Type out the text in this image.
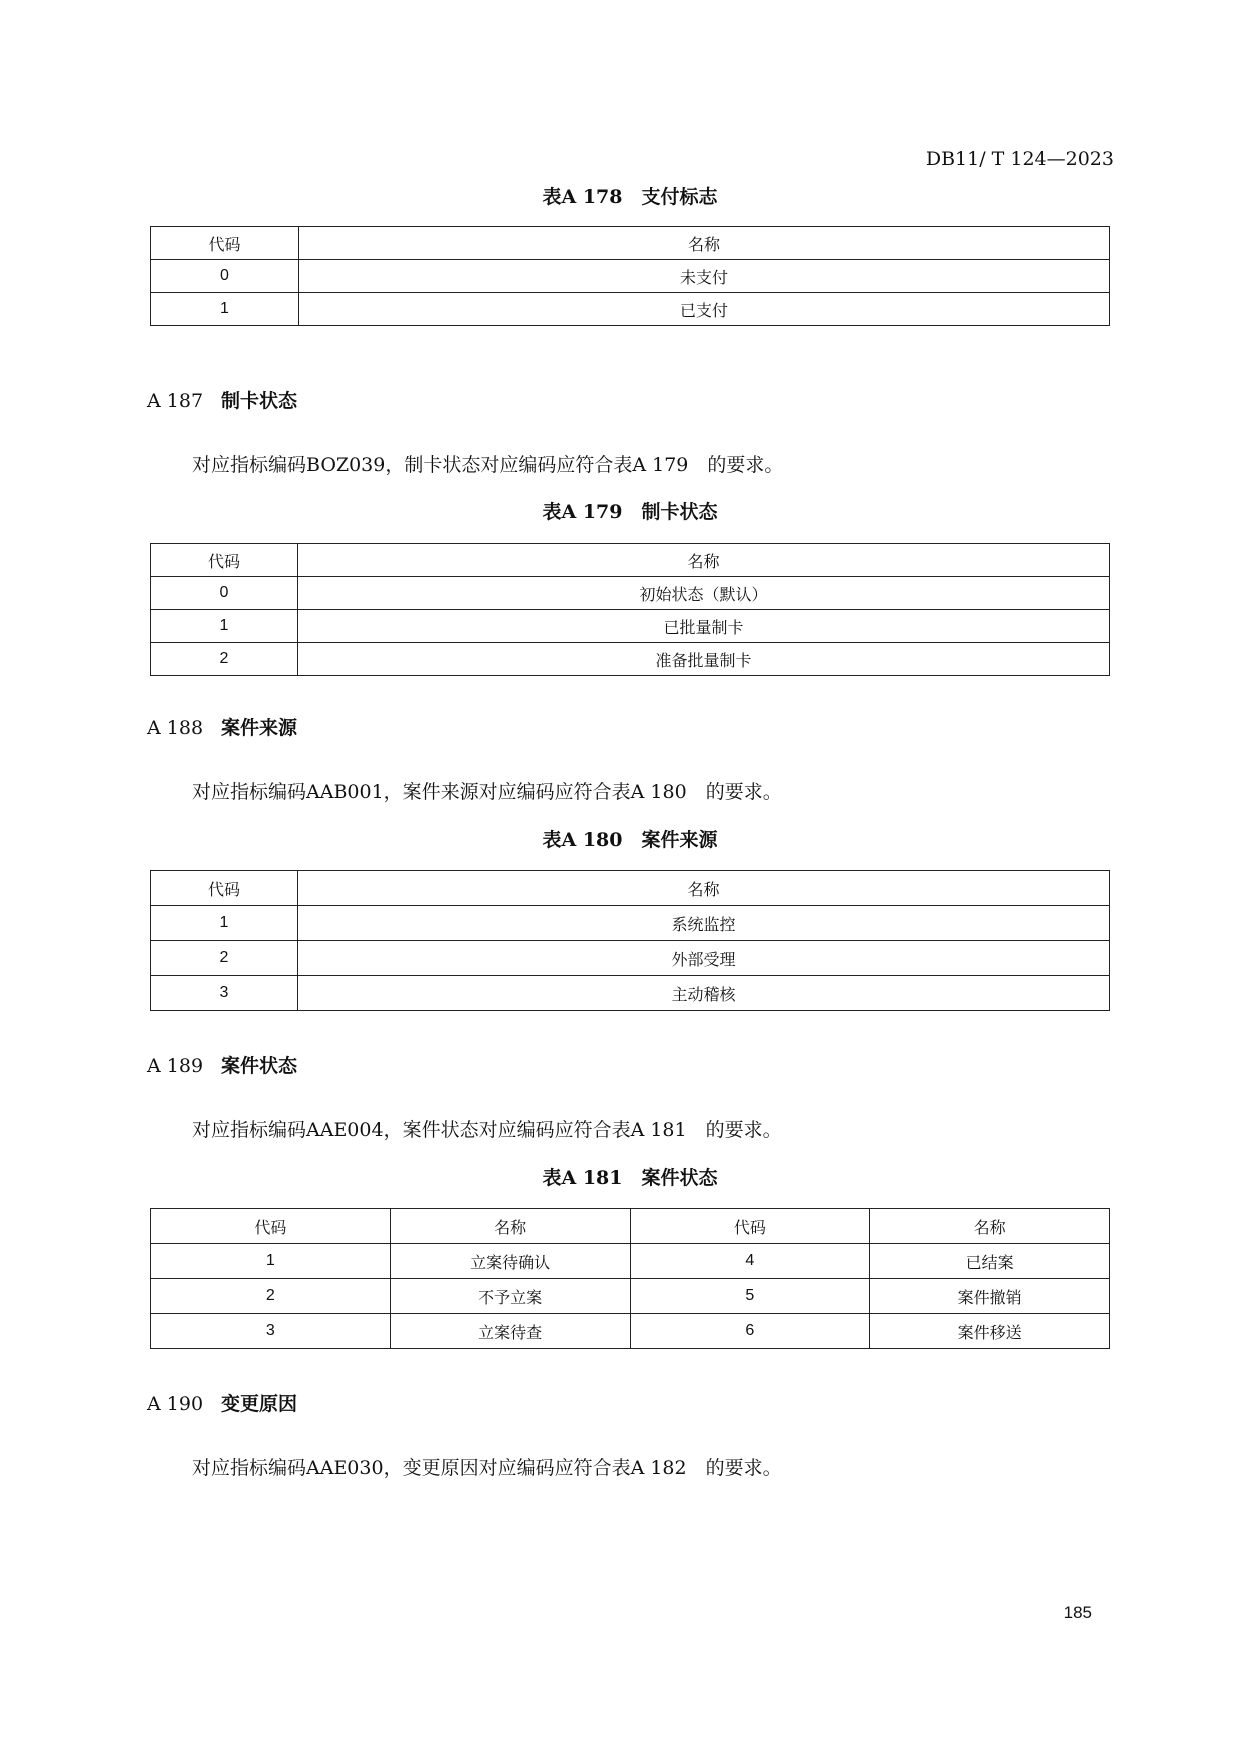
DB11/ T 124—2023
表A 178　支付标志
代码	名称
0	未支付
1	已支付
A 187 制卡状态
对应指标编码BOZ039，制卡状态对应编码应符合表A 179　的要求。
表A 179　制卡状态
代码	名称
0	初始状态（默认）
1	已批量制卡
2	准备批量制卡
A 188 案件来源
对应指标编码AAB001，案件来源对应编码应符合表A 180　的要求。
表A 180　案件来源
代码	名称
1	系统监控
2	外部受理
3	主动稽核
A 189 案件状态
对应指标编码AAE004，案件状态对应编码应符合表A 181　的要求。
表A 181　案件状态
代码	名称	代码	名称
1	立案待确认	4	已结案
2	不予立案	5	案件撤销
3	立案待查	6	案件移送
A 190 变更原因
对应指标编码AAE030，变更原因对应编码应符合表A 182　的要求。
185
